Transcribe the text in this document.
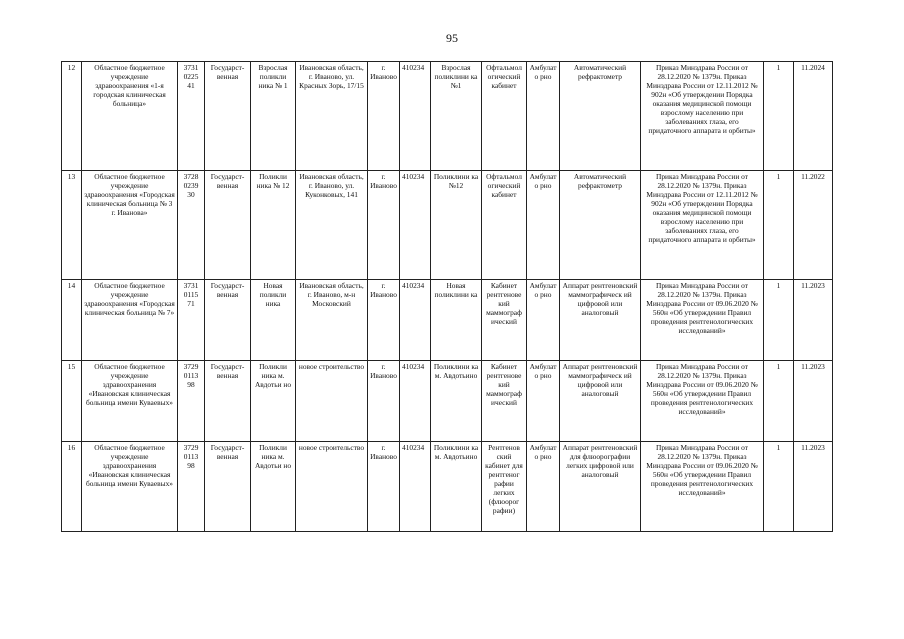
95
12	Областное бюджетное учреждение здравоохранения «1-я городская клиническая больница»	3731 0225 41	Государст-венная	Взрослая поликли ника № 1	Ивановская область, г. Иваново, ул. Красных Зорь, 17/15	г. Иваново	410234	Взрослая поликлини ка №1	Офтальмол огический кабинет	Амбулато рно	Автоматический рефрактометр	Приказ Минздрава России от 28.12.2020 № 1379н. Приказ Минздрава России от 12.11.2012 № 902н «Об утверждении Порядка оказания медицинской помощи взрослому населению при заболеваниях глаза, его придаточного аппарата и орбиты»	1	11.2024
13	Областное бюджетное учреждение здравоохранения «Городская клиническая больница № 3 г. Иванова»	3728 0239 30	Государст-венная	Поликли ника № 12	Ивановская область, г. Иваново, ул. Куконковых, 141	г. Иваново	410234	Поликлини ка №12	Офтальмол огический кабинет	Амбулато рно	Автоматический рефрактометр	Приказ Минздрава России от 28.12.2020 № 1379н. Приказ Минздрава России от 12.11.2012 № 902н «Об утверждении Порядка оказания медицинской помощи взрослому населению при заболеваниях глаза, его придаточного аппарата и орбиты»	1	11.2022
14	Областное бюджетное учреждение здравоохранения «Городская клиническая больница № 7»	3731 0115 71	Государст-венная	Новая поликли ника	Ивановская область, г. Иваново, м-н Московский	г. Иваново	410234	Новая поликлини ка	Кабинет рентгенове кий маммограф ический	Амбулато рно	Аппарат рентгеновский маммографическ ий цифровой или аналоговый	Приказ Минздрава России от 28.12.2020 № 1379н. Приказ Минздрава России от 09.06.2020 № 560н «Об утверждении Правил проведения рентгенологических исследований»	1	11.2023
15	Областное бюджетное учреждение здравоохранения «Ивановская клиническая больница имени Куваевых»	3729 0113 98	Государст-венная	Поликли ника м. Авдотьи но	новое строительство	г. Иваново	410234	Поликлини ка м. Авдотьино	Кабинет рентгенове кий маммограф ический	Амбулато рно	Аппарат рентгеновский маммографическ ий цифровой или аналоговый	Приказ Минздрава России от 28.12.2020 № 1379н. Приказ Минздрава России от 09.06.2020 № 560н «Об утверждении Правил проведения рентгенологических исследований»	1	11.2023
16	Областное бюджетное учреждение здравоохранения «Ивановская клиническая больница имени Куваевых»	3729 0113 98	Государст-венная	Поликли ника м. Авдотьи но	новое строительство	г. Иваново	410234	Поликлини ка м. Авдотьино	Рентгенов ский кабинет для рентгеног рафии легких (флюорог рафии)	Амбулато рно	Аппарат рентгеновский для флюорографии легких цифровой или аналоговый	Приказ Минздрава России от 28.12.2020 № 1379н. Приказ Минздрава России от 09.06.2020 № 560н «Об утверждении Правил проведения рентгенологических исследований»	1	11.2023
